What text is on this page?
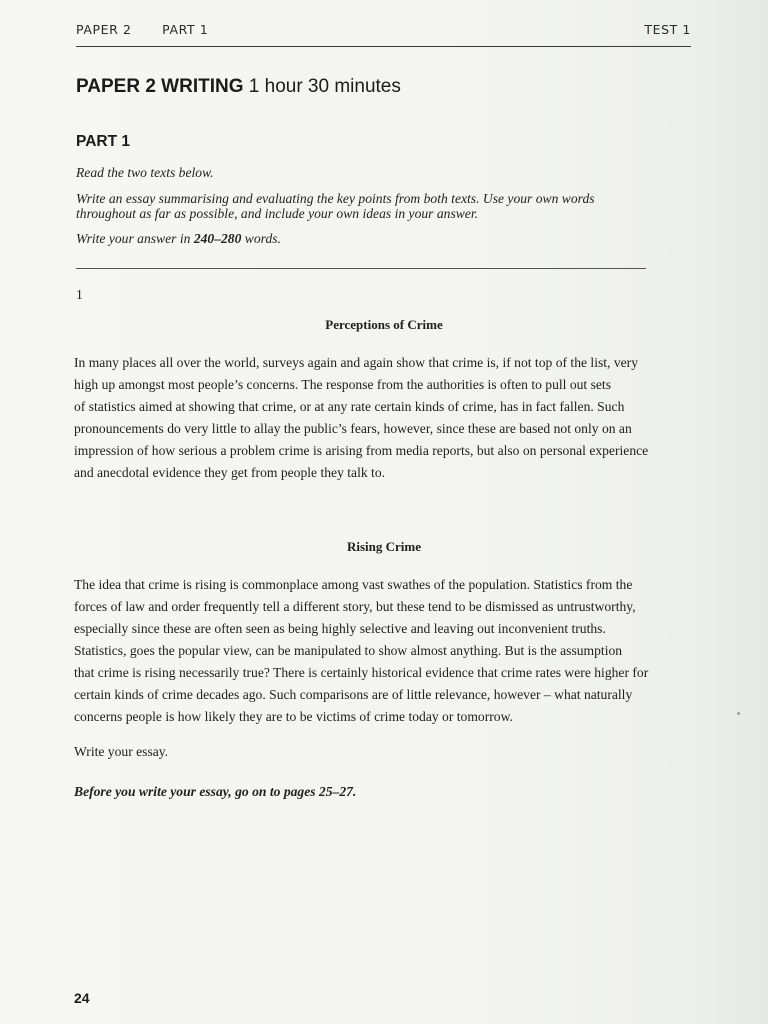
PAPER 2 PART 1	TEST 1
PAPER 2 WRITING 1 hour 30 minutes
PART 1
Read the two texts below.
Write an essay summarising and evaluating the key points from both texts. Use your own words
throughout as far as possible, and include your own ideas in your answer.
Write your answer in 240–280 words.
1
Perceptions of Crime
In many places all over the world, surveys again and again show that crime is, if not top of the list, very
high up amongst most people’s concerns. The response from the authorities is often to pull out sets
of statistics aimed at showing that crime, or at any rate certain kinds of crime, has in fact fallen. Such
pronouncements do very little to allay the public’s fears, however, since these are based not only on an
impression of how serious a problem crime is arising from media reports, but also on personal experience
and anecdotal evidence they get from people they talk to.
Rising Crime
The idea that crime is rising is commonplace among vast swathes of the population. Statistics from the
forces of law and order frequently tell a different story, but these tend to be dismissed as untrustworthy,
especially since these are often seen as being highly selective and leaving out inconvenient truths.
Statistics, goes the popular view, can be manipulated to show almost anything. But is the assumption
that crime is rising necessarily true? There is certainly historical evidence that crime rates were higher for
certain kinds of crime decades ago. Such comparisons are of little relevance, however – what naturally
concerns people is how likely they are to be victims of crime today or tomorrow.
Write your essay.
Before you write your essay, go on to pages 25–27.
24
